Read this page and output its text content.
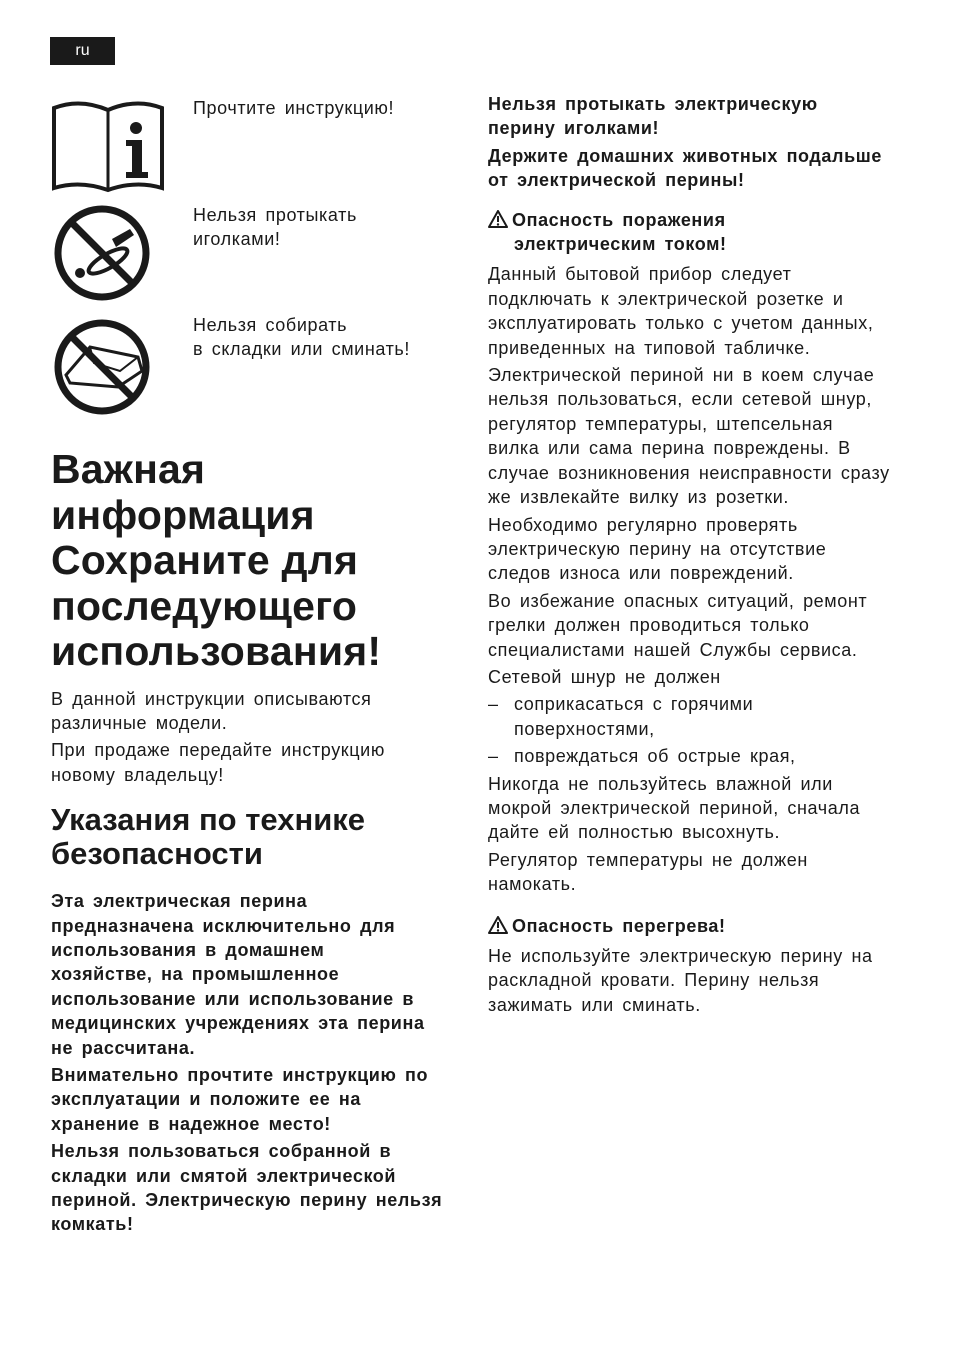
ru
Прочтите инструкцию!
Нельзя протыкать
иголками!
Нельзя собирать
в складки или сминать!
Важная
информация
Сохраните для
последующего
использования!

В данной инструкции описываются различные модели.

При продаже передайте инструкцию новому владельцу!

Указания по технике
безопасности

Эта электрическая перина предназначена исключительно для использования в домашнем хозяйстве, на промышленное использование или использование в медицинских учреждениях эта перина не рассчитана.

Внимательно прочтите инструкцию по эксплуатации и положите ее на хранение в надежное место!

Нельзя пользоваться собранной в складки или смятой электрической периной. Электрическую перину нельзя комкать!

Нельзя протыкать электрическую перину иголками!

Держите домашних животных подальше от электрической перины!

Опасность поражения
электрическим током!

Данный бытовой прибор следует подключать к электрической розетке и эксплуатировать только с учетом данных, приведенных на типовой табличке.

Электрической периной ни в коем случае нельзя пользоваться, если сетевой шнур, регулятор температуры, штепсельная вилка или сама перина повреждены. В случае возникновения неисправности сразу же извлекайте вилку из розетки.

Необходимо регулярно проверять электрическую перину на отсутствие следов износа или повреждений.

Во избежание опасных ситуаций, ремонт грелки должен проводиться только специалистами нашей Службы сервиса.

Сетевой шнур не должен

– соприкасаться с горячими поверхностями,
– повреждаться об острые края,

Никогда не пользуйтесь влажной или мокрой электрической периной, сначала дайте ей полностью высохнуть.

Регулятор температуры не должен намокать.

Опасность перегрева!

Не используйте электрическую перину на раскладной кровати. Перину нельзя зажимать или сминать.
